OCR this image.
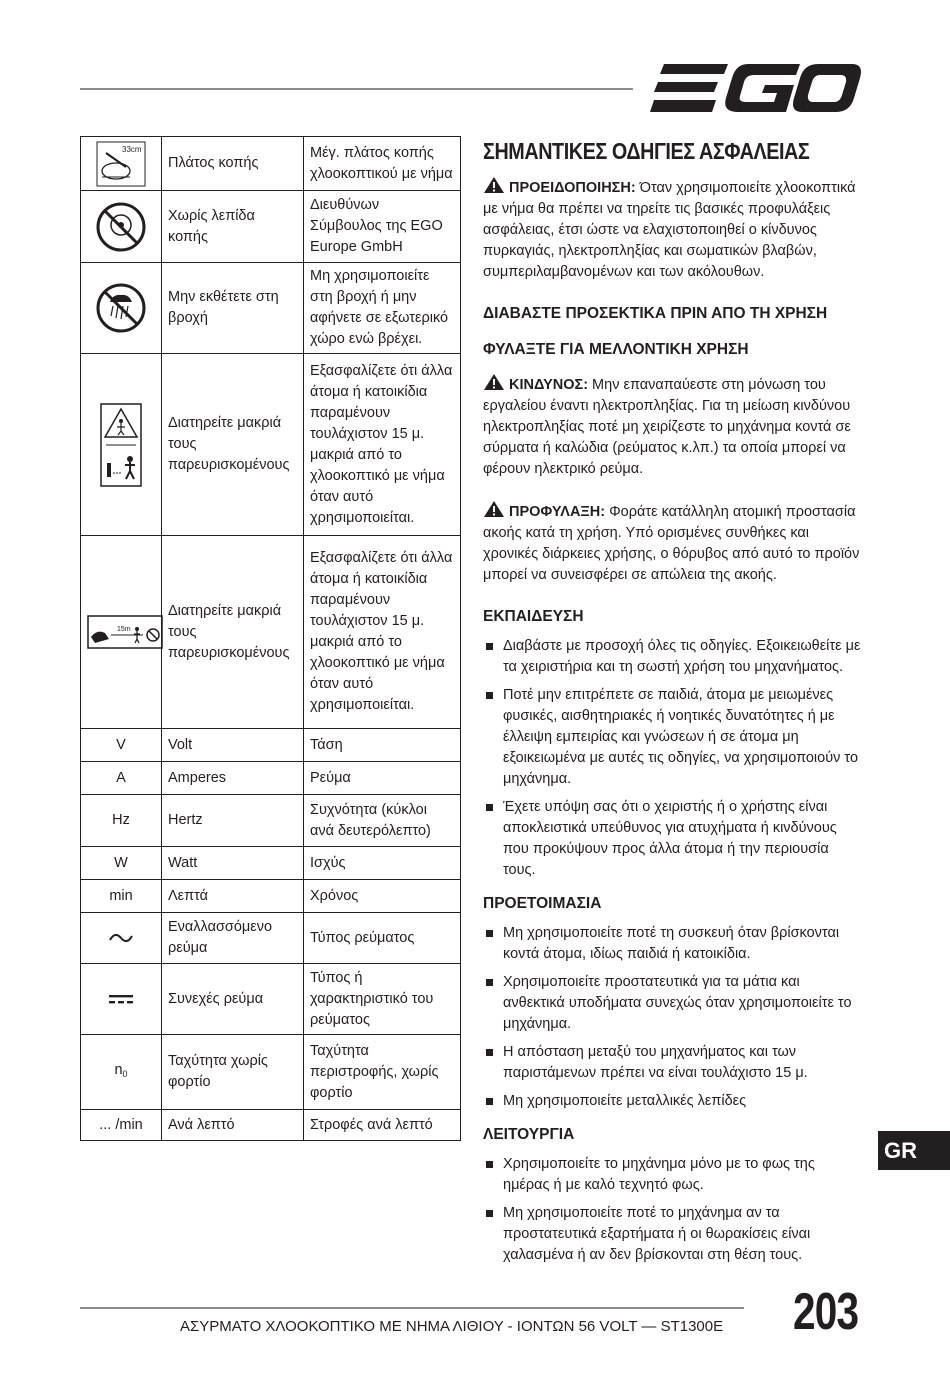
33cm	Πλάτος κοπής	Μέγ. πλάτος κοπής χλοοκοπτικού με νήμα

	Χωρίς λεπίδα κοπής	Διευθύνων Σύμβουλος της EGO Europe GmbH

	Μην εκθέτετε στη βροχή	Μη χρησιμοποιείτε στη βροχή ή μην αφήνετε σε εξωτερικό χώρο ενώ βρέχει.

	Διατηρείτε μακριά τους παρευρισκομένους	Εξασφαλίζετε ότι άλλα άτομα ή κατοικίδια παραμένουν τουλάχιστον 15 μ. μακριά από το χλοοκοπτικό με νήμα όταν αυτό χρησιμοποιείται.

15m	Διατηρείτε μακριά τους παρευρισκομένους	Εξασφαλίζετε ότι άλλα άτομα ή κατοικίδια παραμένουν τουλάχιστον 15 μ. μακριά από το χλοοκοπτικό με νήμα όταν αυτό χρησιμοποιείται.
V	Volt	Τάση
A	Amperes	Ρεύμα
Hz	Hertz	Συχνότητα (κύκλοι ανά δευτερόλεπτο)
W	Watt	Ισχύς
min	Λεπτά	Χρόνος

	Εναλλασσόμενο ρεύμα	Τύπος ρεύματος

	Συνεχές ρεύμα	Τύπος ή χαρακτηριστικό του ρεύματος
$n_0$	Ταχύτητα χωρίς φορτίο	Ταχύτητα περιστροφής, χωρίς φορτίο
... /min	Ανά λεπτό	Στροφές ανά λεπτό
ΣΗΜΑΝΤΙΚΕΣ ΟΔΗΓΙΕΣ ΑΣΦΑΛΕΙΑΣ

ΠΡΟΕΙΔΟΠΟΙΗΣΗ: Όταν χρησιμοποιείτε χλοοκοπτικά με νήμα θα πρέπει να τηρείτε τις βασικές προφυλάξεις ασφάλειας, έτσι ώστε να ελαχιστοποιηθεί ο κίνδυνος πυρκαγιάς, ηλεκτροπληξίας και σωματικών βλαβών, συμπεριλαμβανομένων και των ακόλουθων.

ΔΙΑΒΑΣΤΕ ΠΡΟΣΕΚΤΙΚΑ ΠΡΙΝ ΑΠΟ ΤΗ ΧΡΗΣΗ
ΦΥΛΑΞΤΕ ΓΙΑ ΜΕΛΛΟΝΤΙΚΗ ΧΡΗΣΗ

ΚΙΝΔΥΝΟΣ: Μην επαναπαύεστε στη μόνωση του εργαλείου έναντι ηλεκτροπληξίας. Για τη μείωση κινδύνου ηλεκτροπληξίας ποτέ μη χειρίζεστε το μηχάνημα κοντά σε σύρματα ή καλώδια (ρεύματος κ.λπ.) τα οποία μπορεί να φέρουν ηλεκτρικό ρεύμα.

ΠΡΟΦΥΛΑΞΗ: Φοράτε κατάλληλη ατομική προστασία ακοής κατά τη χρήση. Υπό ορισμένες συνθήκες και χρονικές διάρκειες χρήσης, ο θόρυβος από αυτό το προϊόν μπορεί να συνεισφέρει σε απώλεια της ακοής.

ΕΚΠΑΙΔΕΥΣΗ
Διαβάστε με προσοχή όλες τις οδηγίες. Εξοικειωθείτε με τα χειριστήρια και τη σωστή χρήση του μηχανήματος.
Ποτέ μην επιτρέπετε σε παιδιά, άτομα με μειωμένες φυσικές, αισθητηριακές ή νοητικές δυνατότητες ή με έλλειψη εμπειρίας και γνώσεων ή σε άτομα μη εξοικειωμένα με αυτές τις οδηγίες, να χρησιμοποιούν το μηχάνημα.
Έχετε υπόψη σας ότι ο χειριστής ή ο χρήστης είναι αποκλειστικά υπεύθυνος για ατυχήματα ή κινδύνους που προκύψουν προς άλλα άτομα ή την περιουσία τους.
ΠΡΟΕΤΟΙΜΑΣΙΑ
Μη χρησιμοποιείτε ποτέ τη συσκευή όταν βρίσκονται κοντά άτομα, ιδίως παιδιά ή κατοικίδια.
Χρησιμοποιείτε προστατευτικά για τα μάτια και ανθεκτικά υποδήματα συνεχώς όταν χρησιμοποιείτε το μηχάνημα.
Η απόσταση μεταξύ του μηχανήματος και των παριστάμενων πρέπει να είναι τουλάχιστο 15 μ.
Μη χρησιμοποιείτε μεταλλικές λεπίδες
ΛΕΙΤΟΥΡΓΙΑ
Χρησιμοποιείτε το μηχάνημα μόνο με το φως της ημέρας ή με καλό τεχνητό φως.
Μη χρησιμοποιείτε ποτέ το μηχάνημα αν τα προστατευτικά εξαρτήματα ή οι θωρακίσεις είναι χαλασμένα ή αν δεν βρίσκονται στη θέση τους.
GR
ΑΣΥΡΜΑΤΟ ΧΛΟΟΚΟΠΤΙΚΟ ΜΕ ΝΗΜΑ ΛΙΘΙΟΥ - ΙΟΝΤΩΝ 56 VOLT — ST1300E 203
